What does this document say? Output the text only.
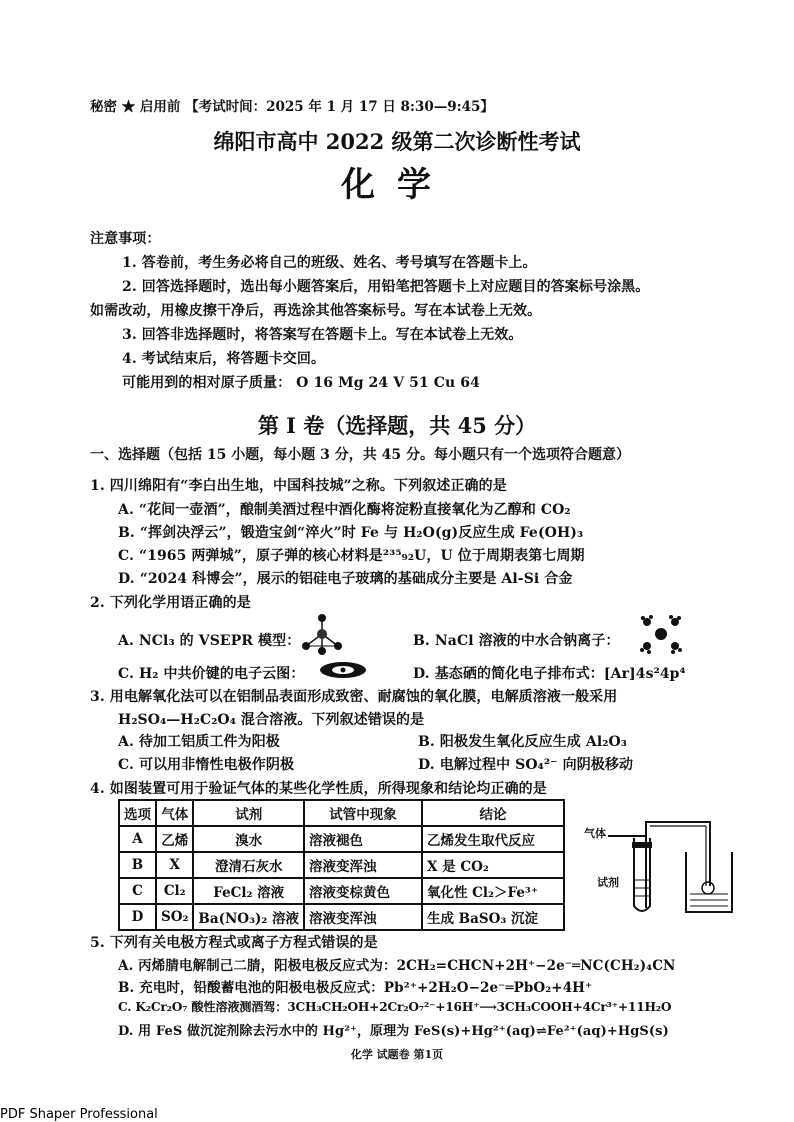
秘密 ★ 启用前 【考试时间：2025 年 1 月 17 日 8:30—9:45】
绵阳市高中 2022 级第二次诊断性考试
化学
注意事项：
1. 答卷前，考生务必将自己的班级、姓名、考号填写在答题卡上。
2. 回答选择题时，选出每小题答案后，用铅笔把答题卡上对应题目的答案标号涂黑。
如需改动，用橡皮擦干净后，再选涂其他答案标号。写在本试卷上无效。
3. 回答非选择题时，将答案写在答题卡上。写在本试卷上无效。
4. 考试结束后，将答题卡交回。
可能用到的相对原子质量： O 16 Mg 24 V 51 Cu 64
第 I 卷（选择题，共 45 分）
一、选择题（包括 15 小题，每小题 3 分，共 45 分。每小题只有一个选项符合题意）
1. 四川绵阳有“李白出生地，中国科技城”之称。下列叙述正确的是
A. “花间一壶酒”，酿制美酒过程中酒化酶将淀粉直接氧化为乙醇和 CO₂
B. “挥剑决浮云”，锻造宝剑“淬火”时 Fe 与 H₂O(g)反应生成 Fe(OH)₃
C. “1965 两弹城”，原子弹的核心材料是²³⁵₉₂U，U 位于周期表第七周期
D. “2024 科博会”，展示的铝硅电子玻璃的基础成分主要是 Al-Si 合金
2. 下列化学用语正确的是
A. NCl₃ 的 VSEPR 模型：	B. NaCl 溶液的中水合钠离子：
C. H₂ 中共价键的电子云图：	D. 基态硒的简化电子排布式：[Ar]4s²4p⁴
3. 用电解氧化法可以在铝制品表面形成致密、耐腐蚀的氧化膜，电解质溶液一般采用
H₂SO₄—H₂C₂O₄ 混合溶液。下列叙述错误的是
A. 待加工铝质工件为阳极	B. 阳极发生氧化反应生成 Al₂O₃
C. 可以用非惰性电极作阴极	D. 电解过程中 SO₄²⁻ 向阴极移动
4. 如图装置可用于验证气体的某些化学性质，所得现象和结论均正确的是
选项	气体	试剂	试管中现象	结论
A	乙烯	溴水	溶液褪色	乙烯发生取代反应
B	X	澄清石灰水	溶液变浑浊	X 是 CO₂
C	Cl₂	FeCl₂ 溶液	溶液变棕黄色	氧化性 Cl₂＞Fe³⁺
D	SO₂	Ba(NO₃)₂ 溶液	溶液变浑浊	生成 BaSO₃ 沉淀
气体
试剂
5. 下列有关电极方程式或离子方程式错误的是
A. 丙烯腈电解制己二腈，阳极电极反应式为：2CH₂=CHCN+2H⁺−2e⁻═NC(CH₂)₄CN
B. 充电时，铅酸蓄电池的阳极电极反应式：Pb²⁺+2H₂O−2e⁻═PbO₂+4H⁺
C. K₂Cr₂O₇ 酸性溶液测酒驾：3CH₃CH₂OH+2Cr₂O₇²⁻+16H⁺⟶3CH₃COOH+4Cr³⁺+11H₂O
D. 用 FeS 做沉淀剂除去污水中的 Hg²⁺，原理为 FeS(s)+Hg²⁺(aq)⇌Fe²⁺(aq)+HgS(s)
化学 试题卷 第1页
PDF Shaper Professional
